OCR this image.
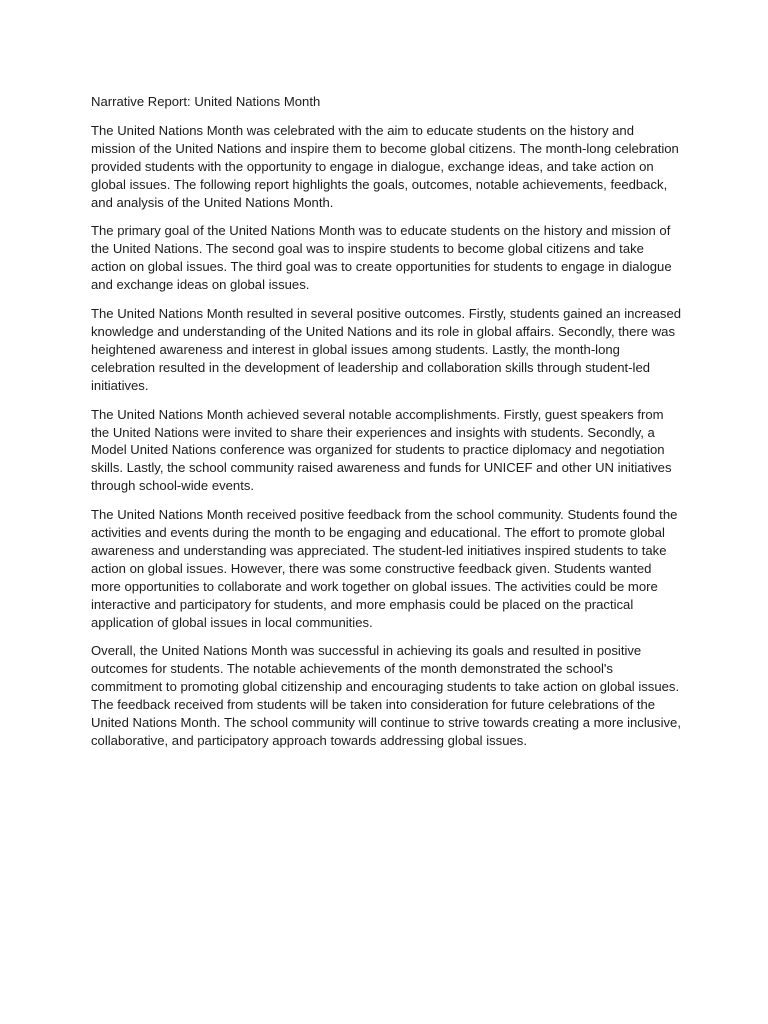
Narrative Report: United Nations Month

The United Nations Month was celebrated with the aim to educate students on the history and mission of the United Nations and inspire them to become global citizens. The month-long celebration provided students with the opportunity to engage in dialogue, exchange ideas, and take action on global issues. The following report highlights the goals, outcomes, notable achievements, feedback, and analysis of the United Nations Month.

The primary goal of the United Nations Month was to educate students on the history and mission of the United Nations. The second goal was to inspire students to become global citizens and take action on global issues. The third goal was to create opportunities for students to engage in dialogue and exchange ideas on global issues.

The United Nations Month resulted in several positive outcomes. Firstly, students gained an increased knowledge and understanding of the United Nations and its role in global affairs. Secondly, there was heightened awareness and interest in global issues among students. Lastly, the month-long celebration resulted in the development of leadership and collaboration skills through student-led initiatives.

The United Nations Month achieved several notable accomplishments. Firstly, guest speakers from the United Nations were invited to share their experiences and insights with students. Secondly, a Model United Nations conference was organized for students to practice diplomacy and negotiation skills. Lastly, the school community raised awareness and funds for UNICEF and other UN initiatives through school-wide events.

The United Nations Month received positive feedback from the school community. Students found the activities and events during the month to be engaging and educational. The effort to promote global awareness and understanding was appreciated. The student-led initiatives inspired students to take action on global issues. However, there was some constructive feedback given. Students wanted more opportunities to collaborate and work together on global issues. The activities could be more interactive and participatory for students, and more emphasis could be placed on the practical application of global issues in local communities.

Overall, the United Nations Month was successful in achieving its goals and resulted in positive outcomes for students. The notable achievements of the month demonstrated the school's commitment to promoting global citizenship and encouraging students to take action on global issues. The feedback received from students will be taken into consideration for future celebrations of the United Nations Month. The school community will continue to strive towards creating a more inclusive, collaborative, and participatory approach towards addressing global issues.
